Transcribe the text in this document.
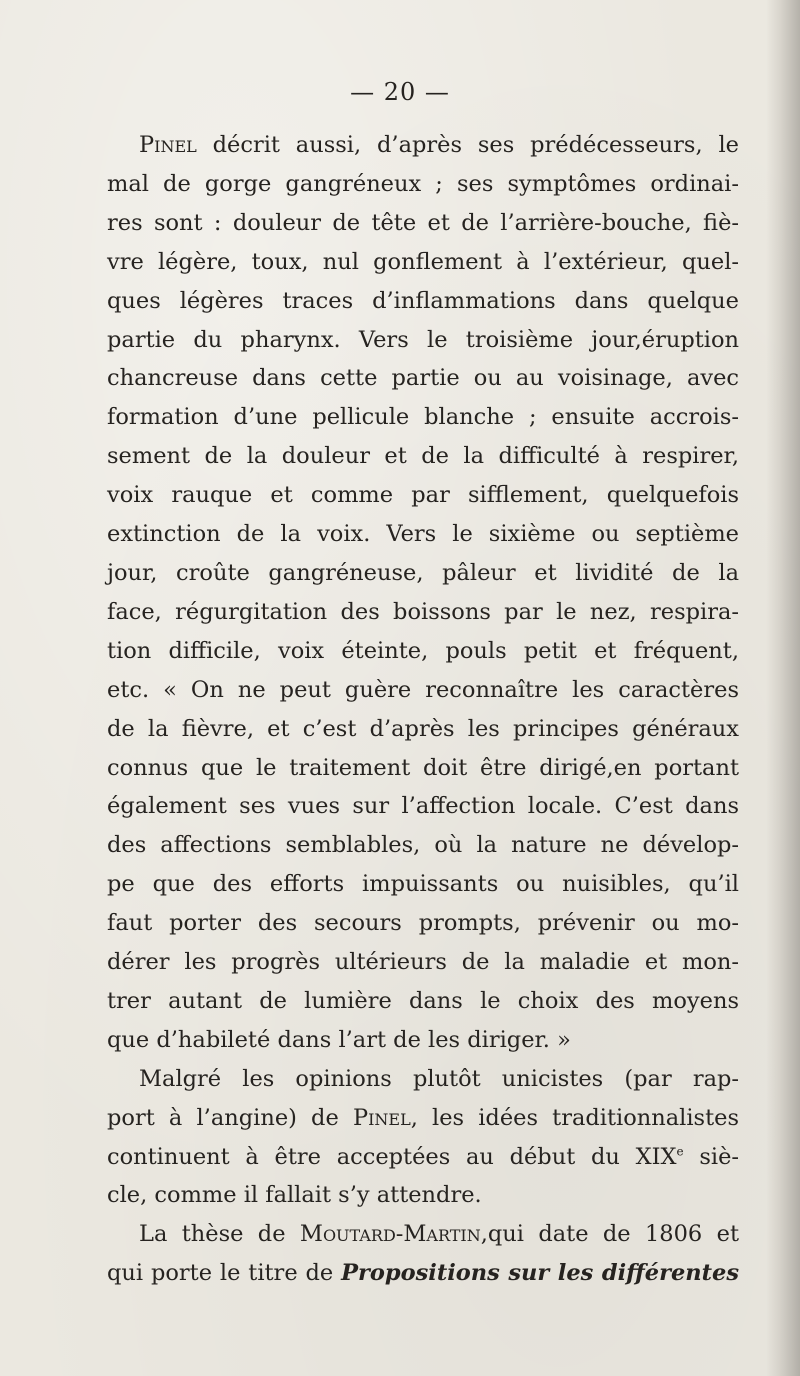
— 20 —
Pinel décrit aussi, d’après ses prédécesseurs, le
mal de gorge gangréneux ; ses symptômes ordinai-
res sont : douleur de tête et de l’arrière-bouche, fiè-
vre légère, toux, nul gonflement à l’extérieur, quel-
ques légères traces d’inflammations dans quelque
partie du pharynx. Vers le troisième jour,éruption
chancreuse dans cette partie ou au voisinage, avec
formation d’une pellicule blanche ; ensuite accrois-
sement de la douleur et de la difficulté à respirer,
voix rauque et comme par sifflement, quelquefois
extinction de la voix. Vers le sixième ou septième
jour, croûte gangréneuse, pâleur et lividité de la
face, régurgitation des boissons par le nez, respira-
tion difficile, voix éteinte, pouls petit et fréquent,
etc. « On ne peut guère reconnaître les caractères
de la fièvre, et c’est d’après les principes généraux
connus que le traitement doit être dirigé,en portant
également ses vues sur l’affection locale. C’est dans
des affections semblables, où la nature ne dévelop-
pe que des efforts impuissants ou nuisibles, qu’il
faut porter des secours prompts, prévenir ou mo-
dérer les progrès ultérieurs de la maladie et mon-
trer autant de lumière dans le choix des moyens
que d’habileté dans l’art de les diriger. »
Malgré les opinions plutôt unicistes (par rap-
port à l’angine) de Pinel, les idées traditionnalistes
continuent à être acceptées au début du XIXe siè-
cle, comme il fallait s’y attendre.
La thèse de Moutard-Martin,qui date de 1806 et
qui porte le titre de Propositions sur les différentes
